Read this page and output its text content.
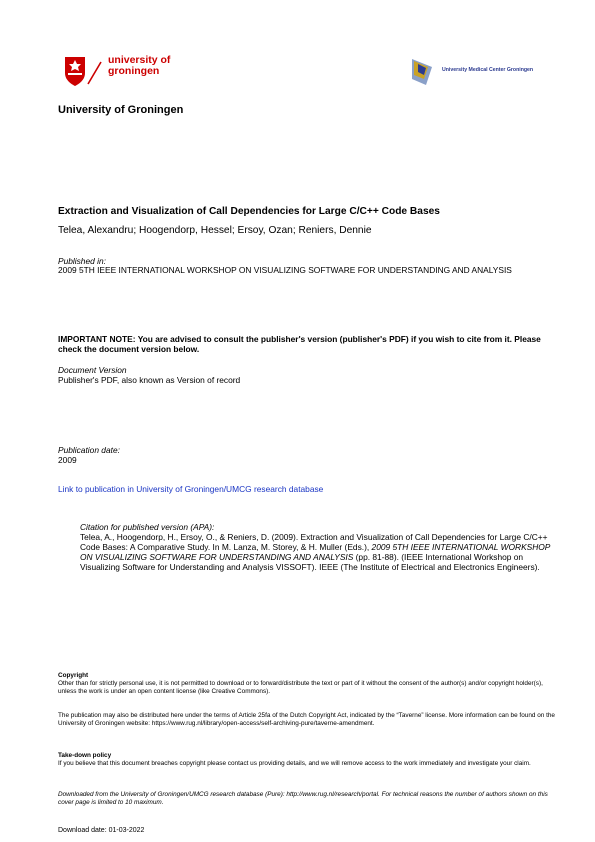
university of
groningen	University Medical Center Groningen
University of Groningen
Extraction and Visualization of Call Dependencies for Large C/C++ Code Bases
Telea, Alexandru; Hoogendorp, Hessel; Ersoy, Ozan; Reniers, Dennie
Published in:
2009 5TH IEEE INTERNATIONAL WORKSHOP ON VISUALIZING SOFTWARE FOR UNDERSTANDING AND ANALYSIS
IMPORTANT NOTE: You are advised to consult the publisher's version (publisher's PDF) if you wish to cite from it. Please check the document version below.
Document Version
Publisher's PDF, also known as Version of record
Publication date:
2009
Link to publication in University of Groningen/UMCG research database
Citation for published version (APA):
Telea, A., Hoogendorp, H., Ersoy, O., & Reniers, D. (2009). Extraction and Visualization of Call Dependencies for Large C/C++ Code Bases: A Comparative Study. In M. Lanza, M. Storey, & H. Muller (Eds.), 2009 5TH IEEE INTERNATIONAL WORKSHOP ON VISUALIZING SOFTWARE FOR UNDERSTANDING AND ANALYSIS (pp. 81-88). (IEEE International Workshop on Visualizing Software for Understanding and Analysis VISSOFT). IEEE (The Institute of Electrical and Electronics Engineers).
Copyright
Other than for strictly personal use, it is not permitted to download or to forward/distribute the text or part of it without the consent of the author(s) and/or copyright holder(s), unless the work is under an open content license (like Creative Commons).
The publication may also be distributed here under the terms of Article 25fa of the Dutch Copyright Act, indicated by the “Taverne” license. More information can be found on the University of Groningen website: https://www.rug.nl/library/open-access/self-archiving-pure/taverne-amendment.
Take-down policy
If you believe that this document breaches copyright please contact us providing details, and we will remove access to the work immediately and investigate your claim.
Downloaded from the University of Groningen/UMCG research database (Pure): http://www.rug.nl/research/portal. For technical reasons the number of authors shown on this cover page is limited to 10 maximum.
Download date: 01-03-2022
